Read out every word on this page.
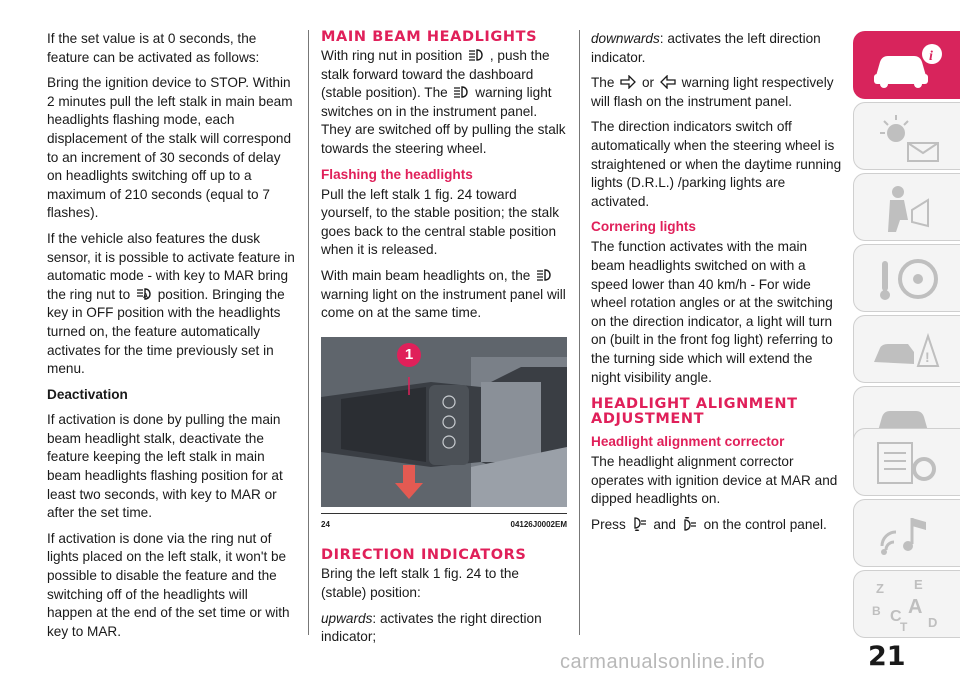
If the set value is at 0 seconds, the feature can be activated as follows:

Bring the ignition device to STOP. Within 2 minutes pull the left stalk in main beam headlights flashing mode, each displacement of the stalk will correspond to an increment of 30 seconds of delay on headlights switching off up to a maximum of 210 seconds (equal to 7 flashes).

If the vehicle also features the dusk sensor, it is possible to activate feature in automatic mode - with key to MAR bring the ring nut to A position. Bringing the key in OFF position with the headlights turned on, the feature automatically activates for the time previously set in menu.

Deactivation

If activation is done by pulling the main beam headlight stalk, deactivate the feature keeping the left stalk in main beam headlights flashing position for at least two seconds, with key to MAR or after the set time.

If activation is done via the ring nut of lights placed on the left stalk, it won't be possible to disable the feature and the switching off of the headlights will happen at the end of the set time or with key to MAR.

MAIN BEAM HEADLIGHTS

With ring nut in position , push the stalk forward toward the dashboard (stable position). The warning light switches on in the instrument panel. They are switched off by pulling the stalk towards the steering wheel.

Flashing the headlights

Pull the left stalk 1 fig. 24 toward yourself, to the stable position; the stalk goes back to the central stable position when it is released.

With main beam headlights on, the
warning light on the instrument panel will come on at the same time.

1
24	04126J0002EM
DIRECTION INDICATORS

Bring the left stalk 1 fig. 24 to the (stable) position:

upwards: activates the right direction indicator;

downwards: activates the left direction indicator.

The or warning light respectively will flash on the instrument panel.

The direction indicators switch off automatically when the steering wheel is straightened or when the daytime running lights (D.R.L.) /parking lights are activated.

Cornering lights

The function activates with the main beam headlights switched on with a speed lower than 40 km/h - For wide wheel rotation angles or at the switching on the direction indicator, a light will turn on (built in the front fog light) referring to the turning side which will extend the night visibility angle.

HEADLIGHT ALIGNMENT ADJUSTMENT
Headlight alignment corrector

The headlight alignment corrector operates with ignition device at MAR and dipped headlights on.

Press and on the control panel.

i
!
Z E
B A
C D
T
carmanualsonline.info	21
